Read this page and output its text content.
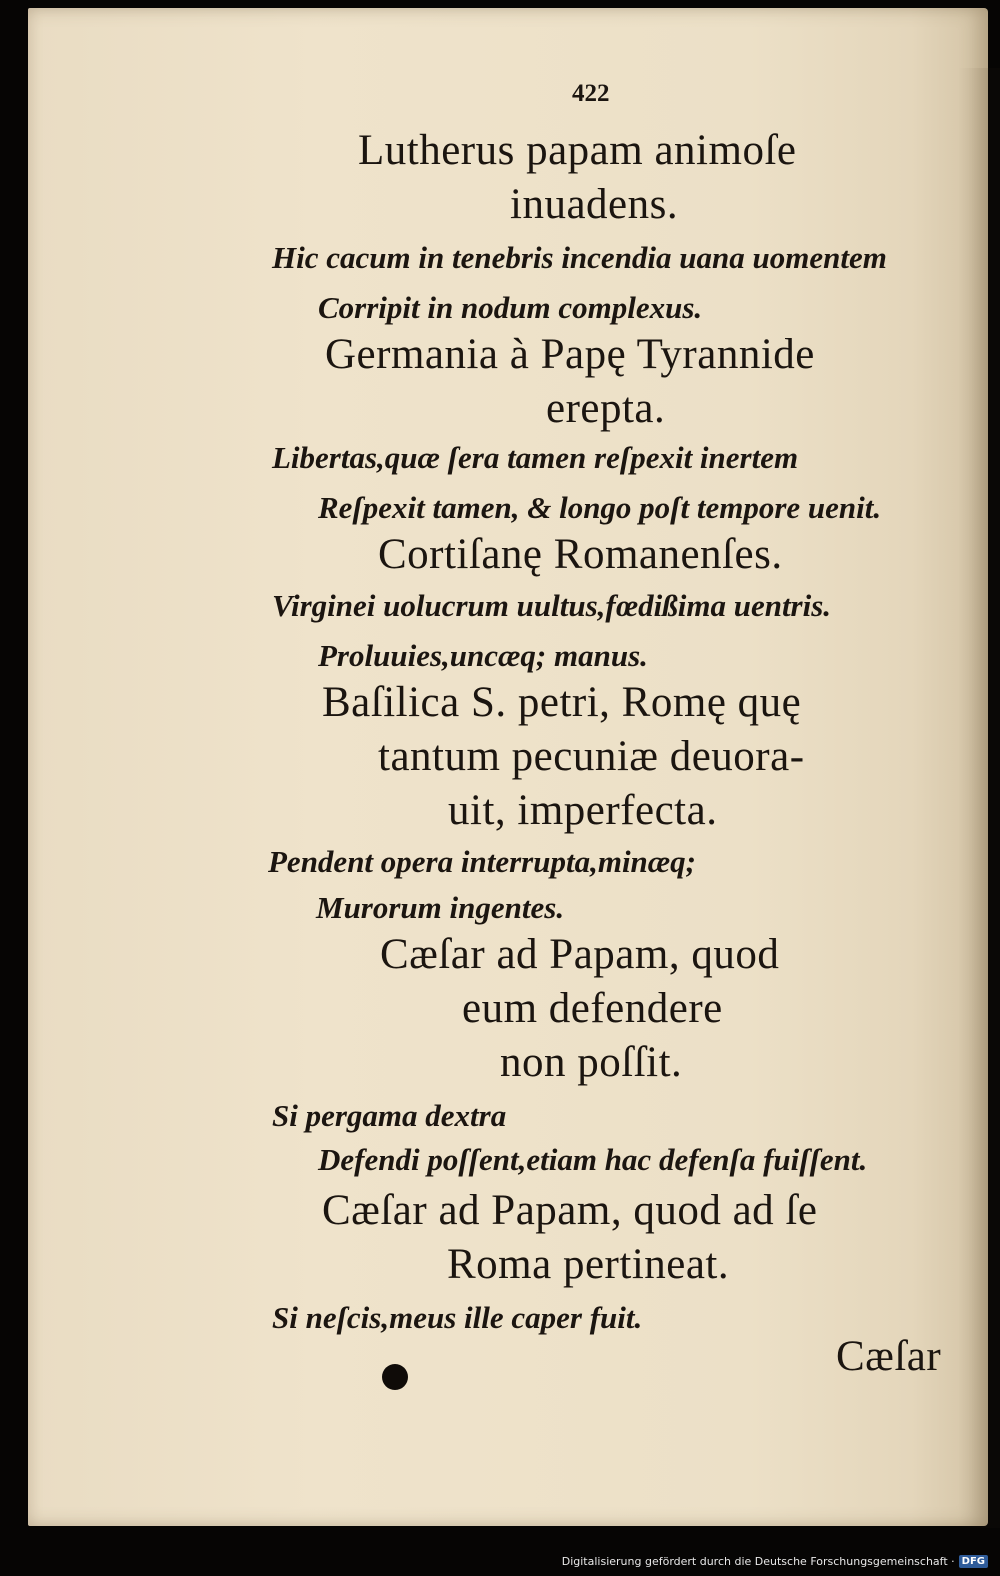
422
Lutherus papam animoſe
inuadens.
Hic cacum in tenebris incendia uana uomentem
Corripit in nodum complexus.
Germania à Papę Tyrannide
erepta.
Libertas,quæ ſera tamen reſpexit inertem
Reſpexit tamen, & longo poſt tempore uenit.
Cortiſanę Romanenſes.
Virginei uolucrum uultus,fœdißima uentris.
Proluuies,uncæq; manus.
Baſilica S. petri, Romę quę
tantum pecuniæ deuora-
uit, imperfecta.
Pendent opera interrupta,minæq;
Murorum ingentes.
Cæſar ad Papam, quod
eum defendere
non poſſit.
Si pergama dextra
Defendi poſſent,etiam hac defenſa fuiſſent.
Cæſar ad Papam, quod ad ſe
Roma pertineat.
Si neſcis,meus ille caper fuit.
Cæſar
Digitalisierung gefördert durch die Deutsche Forschungsgemeinschaft · DFG
